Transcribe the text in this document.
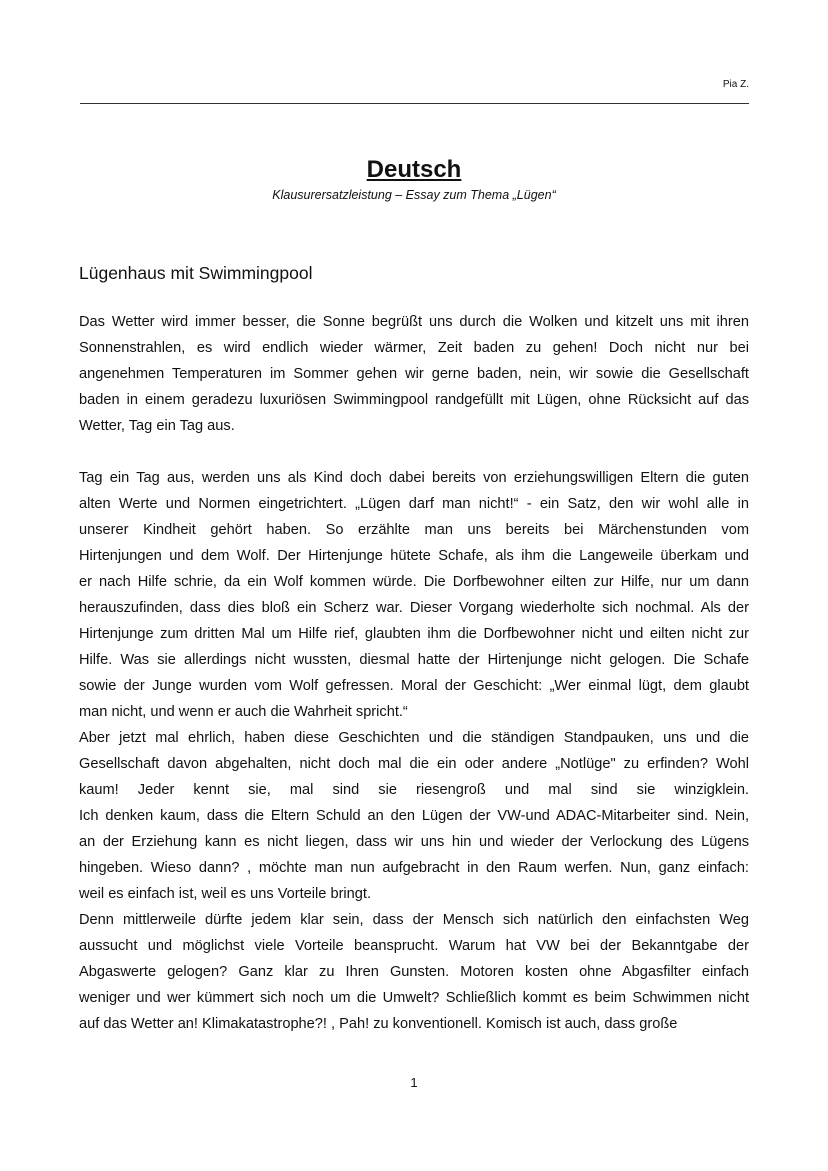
Pia Z.
Deutsch
Klausurersatzleistung – Essay zum Thema „Lügen“
Lügenhaus mit Swimmingpool
Das Wetter wird immer besser, die Sonne begrüßt uns durch die Wolken und kitzelt uns mit ihren
Sonnenstrahlen, es wird endlich wieder wärmer, Zeit baden zu gehen! Doch nicht nur bei
angenehmen Temperaturen im Sommer gehen wir gerne baden, nein, wir sowie die Gesellschaft
baden in einem geradezu luxuriösen Swimmingpool randgefüllt mit Lügen, ohne Rücksicht auf das
Wetter, Tag ein Tag aus.
Tag ein Tag aus, werden uns als Kind doch dabei bereits von erziehungswilligen Eltern die guten
alten Werte und Normen eingetrichtert. „Lügen darf man nicht!“ - ein Satz, den wir wohl alle in
unserer Kindheit gehört haben. So erzählte man uns bereits bei Märchenstunden vom
Hirtenjungen und dem Wolf. Der Hirtenjunge hütete Schafe, als ihm die Langeweile überkam und
er nach Hilfe schrie, da ein Wolf kommen würde. Die Dorfbewohner eilten zur Hilfe, nur um dann
herauszufinden, dass dies bloß ein Scherz war. Dieser Vorgang wiederholte sich nochmal. Als der
Hirtenjunge zum dritten Mal um Hilfe rief, glaubten ihm die Dorfbewohner nicht und eilten nicht zur
Hilfe. Was sie allerdings nicht wussten, diesmal hatte der Hirtenjunge nicht gelogen. Die Schafe
sowie der Junge wurden vom Wolf gefressen. Moral der Geschicht: „Wer einmal lügt, dem glaubt
man nicht, und wenn er auch die Wahrheit spricht.“
Aber jetzt mal ehrlich, haben diese Geschichten und die ständigen Standpauken, uns und die
Gesellschaft davon abgehalten, nicht doch mal die ein oder andere „Notlüge" zu erfinden? Wohl
kaum! Jeder kennt sie, mal sind sie riesengroß und mal sind sie winzigklein.
Ich denken kaum, dass die Eltern Schuld an den Lügen der VW-und ADAC-Mitarbeiter sind. Nein,
an der Erziehung kann es nicht liegen, dass wir uns hin und wieder der Verlockung des Lügens
hingeben. Wieso dann? , möchte man nun aufgebracht in den Raum werfen. Nun, ganz einfach:
weil es einfach ist, weil es uns Vorteile bringt.
Denn mittlerweile dürfte jedem klar sein, dass der Mensch sich natürlich den einfachsten Weg
aussucht und möglichst viele Vorteile beansprucht. Warum hat VW bei der Bekanntgabe der
Abgaswerte gelogen? Ganz klar zu Ihren Gunsten. Motoren kosten ohne Abgasfilter einfach
weniger und wer kümmert sich noch um die Umwelt? Schließlich kommt es beim Schwimmen nicht
auf das Wetter an! Klimakatastrophe?! , Pah! zu konventionell. Komisch ist auch, dass große
1
